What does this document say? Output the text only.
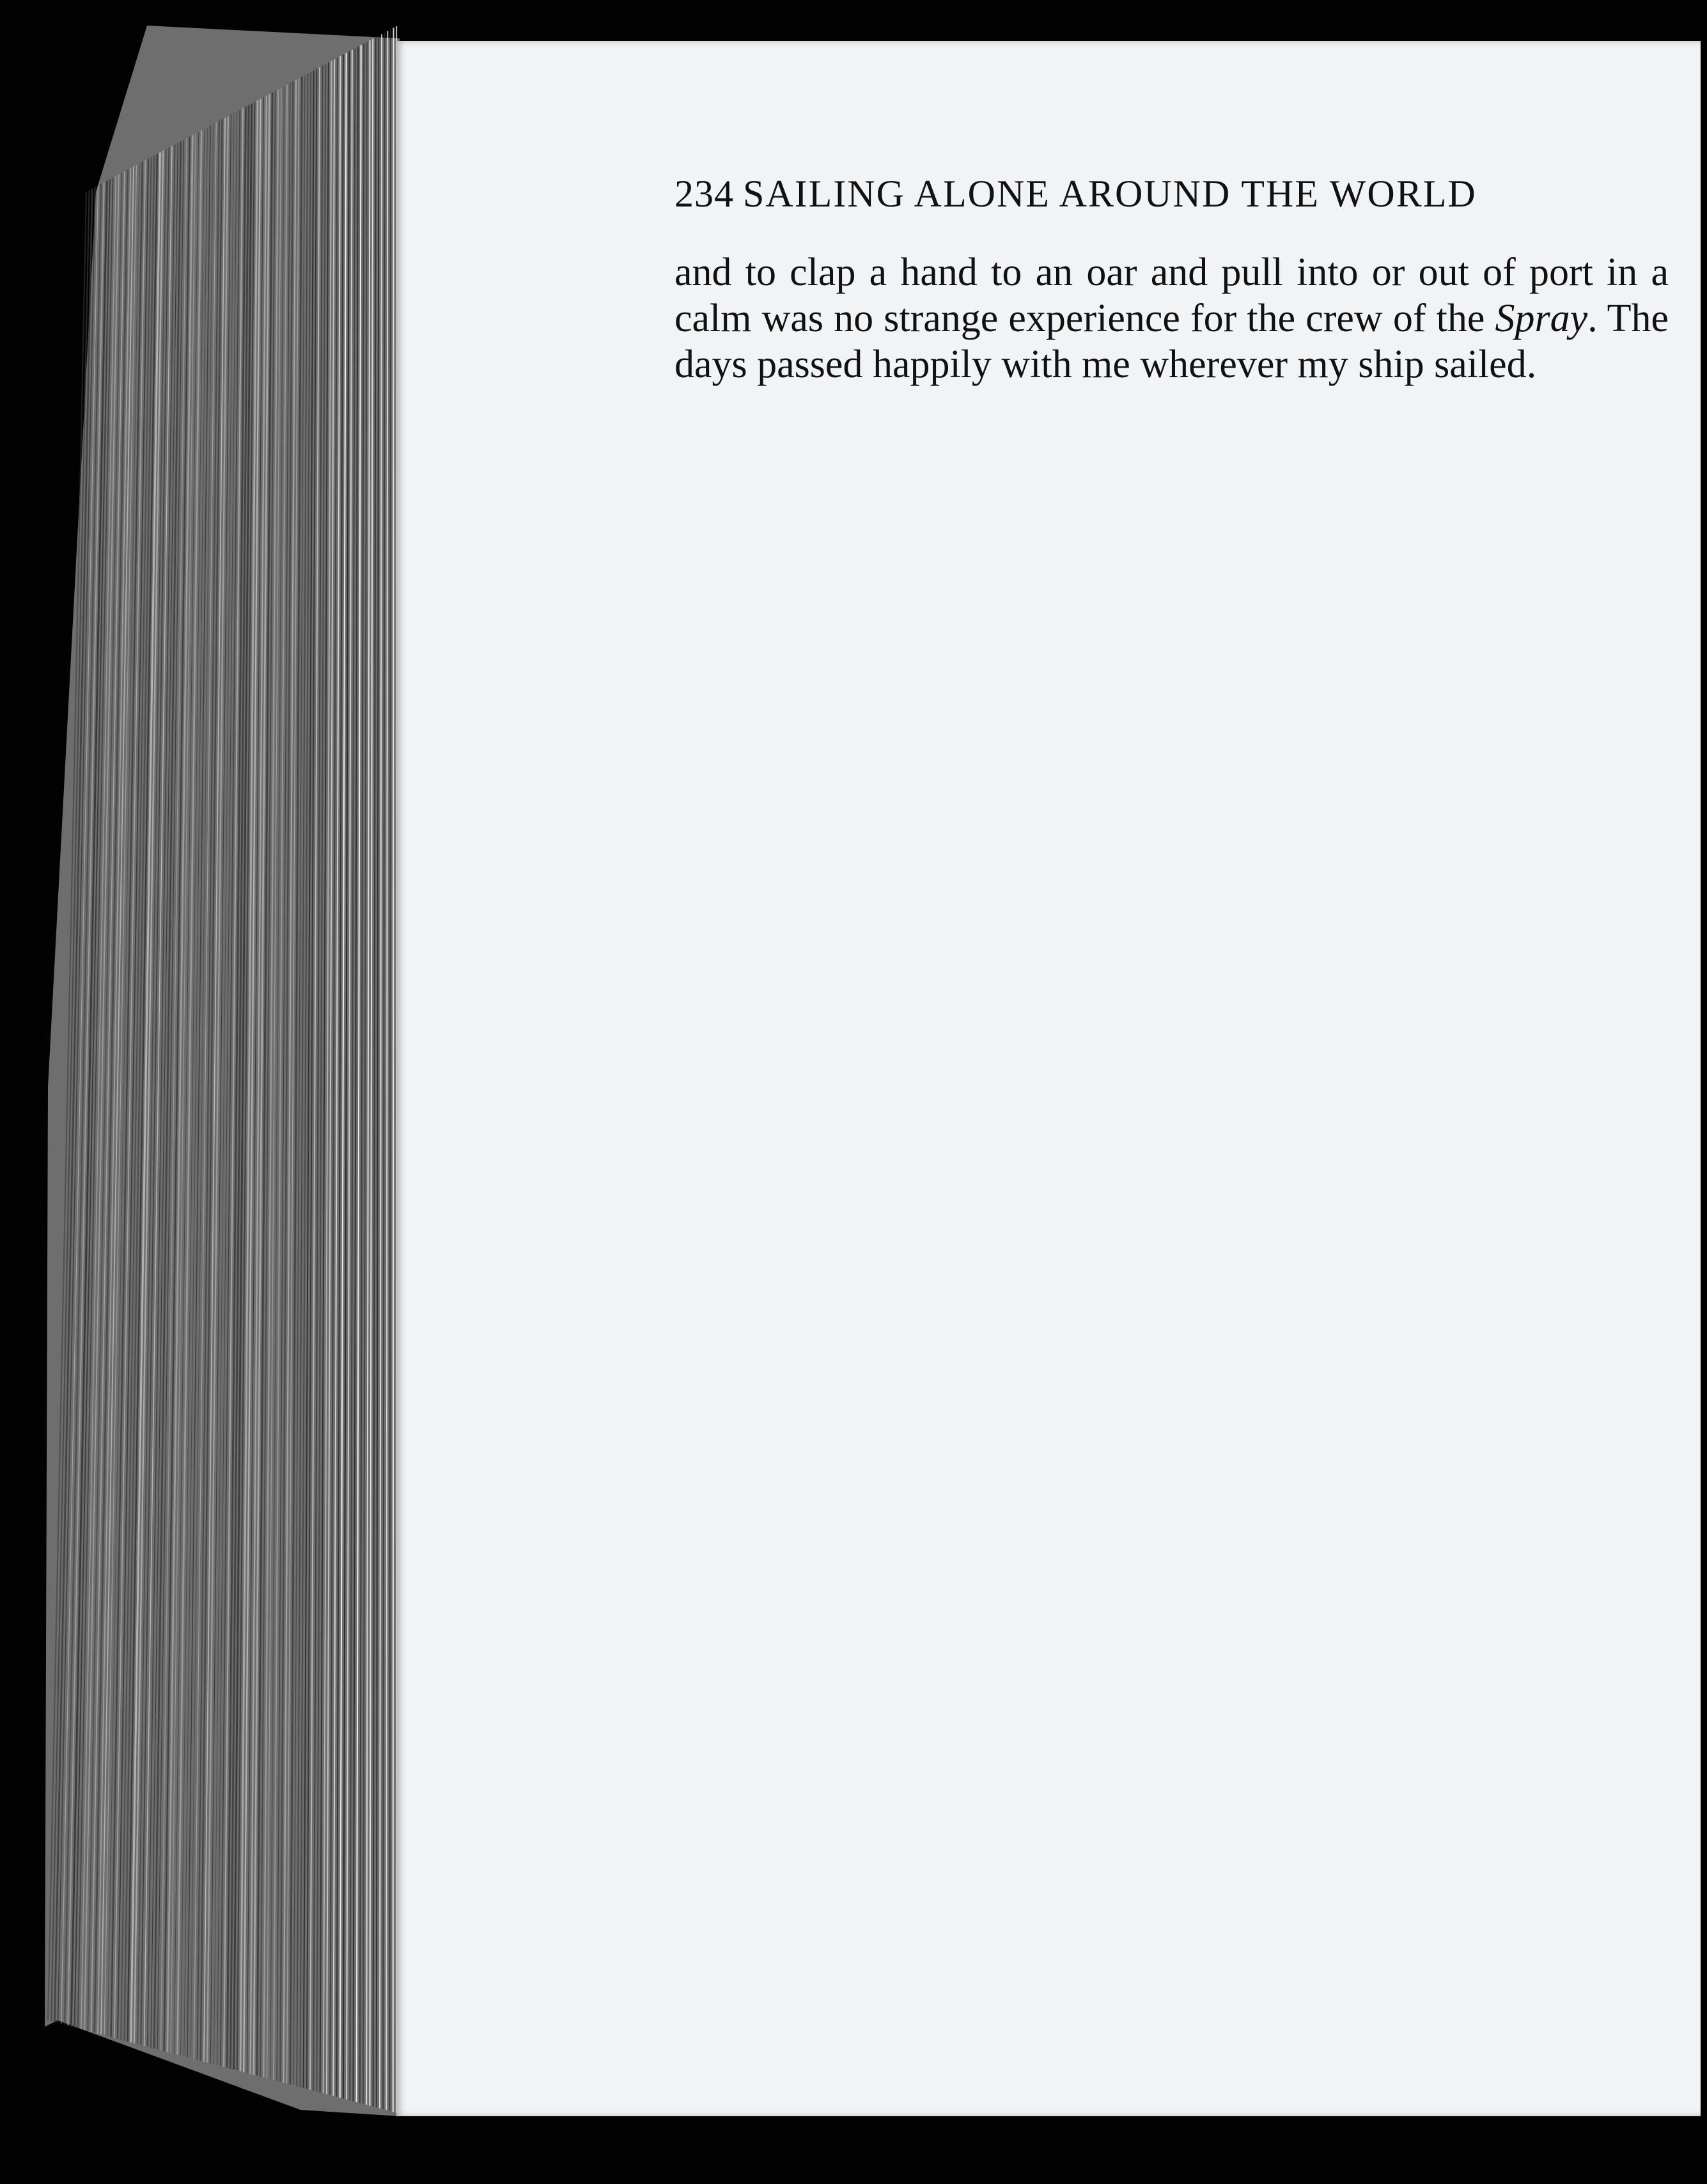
234 SAILING ALONE AROUND THE WORLD

and to clap a hand to an oar and pull into or out of port in a calm was no strange experience for the crew of the Spray. The days passed happily with me wherever my ship sailed.
